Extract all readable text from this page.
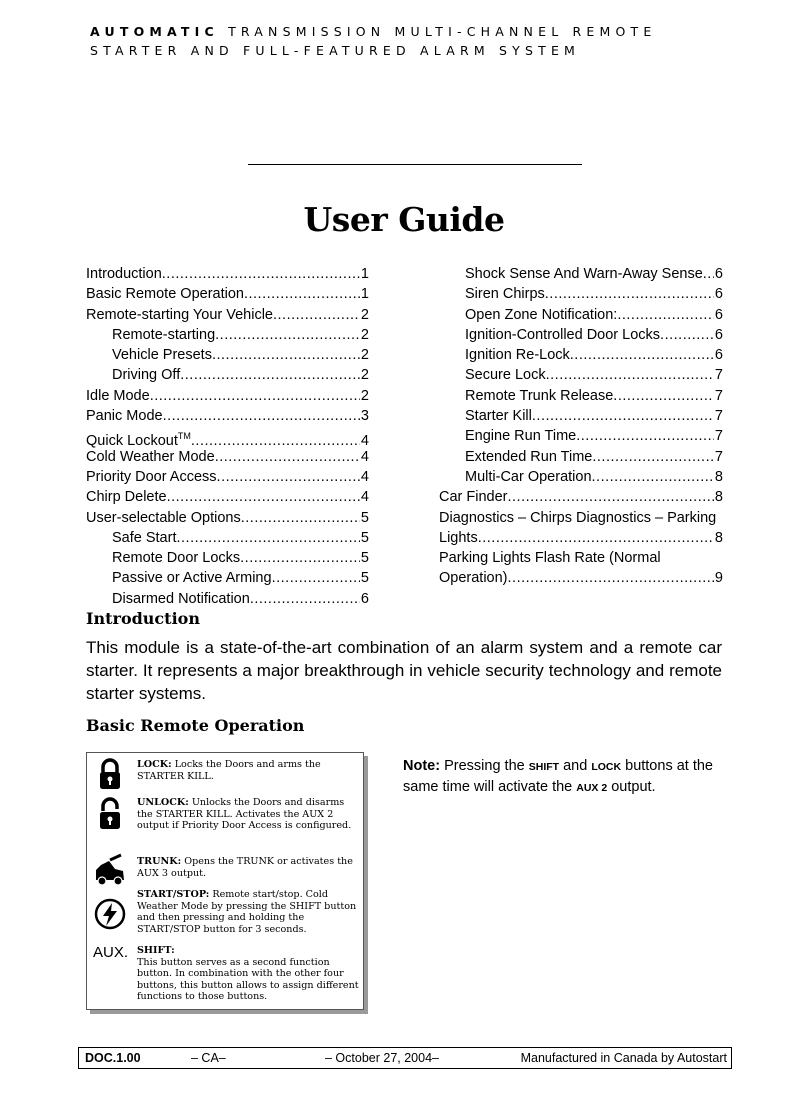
AUTOMATIC TRANSMISSION MULTI-CHANNEL REMOTE
STARTER AND FULL-FEATURED ALARM SYSTEM
User Guide
Introduction .....	1
Basic Remote Operation .....	1
Remote-starting Your Vehicle .....	2
Remote-starting .....	2
Vehicle Presets .....	2
Driving Off .....	2
Idle Mode .....	2
Panic Mode .....	3
Quick Lockout™ .....	4
Cold Weather Mode .....	4
Priority Door Access .....	4
Chirp Delete .....	4
User-selectable Options .....	5
Safe Start .....	5
Remote Door Locks .....	5
Passive or Active Arming .....	5
Disarmed Notification .....	6
Shock Sense And Warn-Away Sense ..... 6
Siren Chirps .....	6
Open Zone Notification: .....	6
Ignition-Controlled Door Locks .....	6
Ignition Re-Lock .....	6
Secure Lock .....	7
Remote Trunk Release .....	7
Starter Kill .....	7
Engine Run Time .....	7
Extended Run Time .....	7
Multi-Car Operation .....	8
Car Finder .....	8
Diagnostics – Chirps Diagnostics – Parking
Lights .....	8
Parking Lights Flash Rate (Normal
Operation) .....	9
Introduction
This module is a state-of-the-art combination of an alarm system and a remote car starter. It represents a major breakthrough in vehicle security technology and remote starter systems.
Basic Remote Operation
LOCK: Locks the Doors and arms the STARTER KILL.
UNLOCK: Unlocks the Doors and disarms the STARTER KILL. Activates the AUX 2 output if Priority Door Access is configured.
TRUNK: Opens the TRUNK or activates the AUX 3 output.
START/STOP: Remote start/stop. Cold Weather Mode by pressing the SHIFT button and then pressing and holding the START/STOP button for 3 seconds.
AUX. SHIFT:
This button serves as a second function button. In combination with the other four buttons, this button allows to assign different functions to those buttons.
Note: Pressing the SHIFT and LOCK buttons at the same time will activate the AUX 2 output.
DOC.1.00	– CA–	– October 27, 2004–	Manufactured in Canada by Autostart
